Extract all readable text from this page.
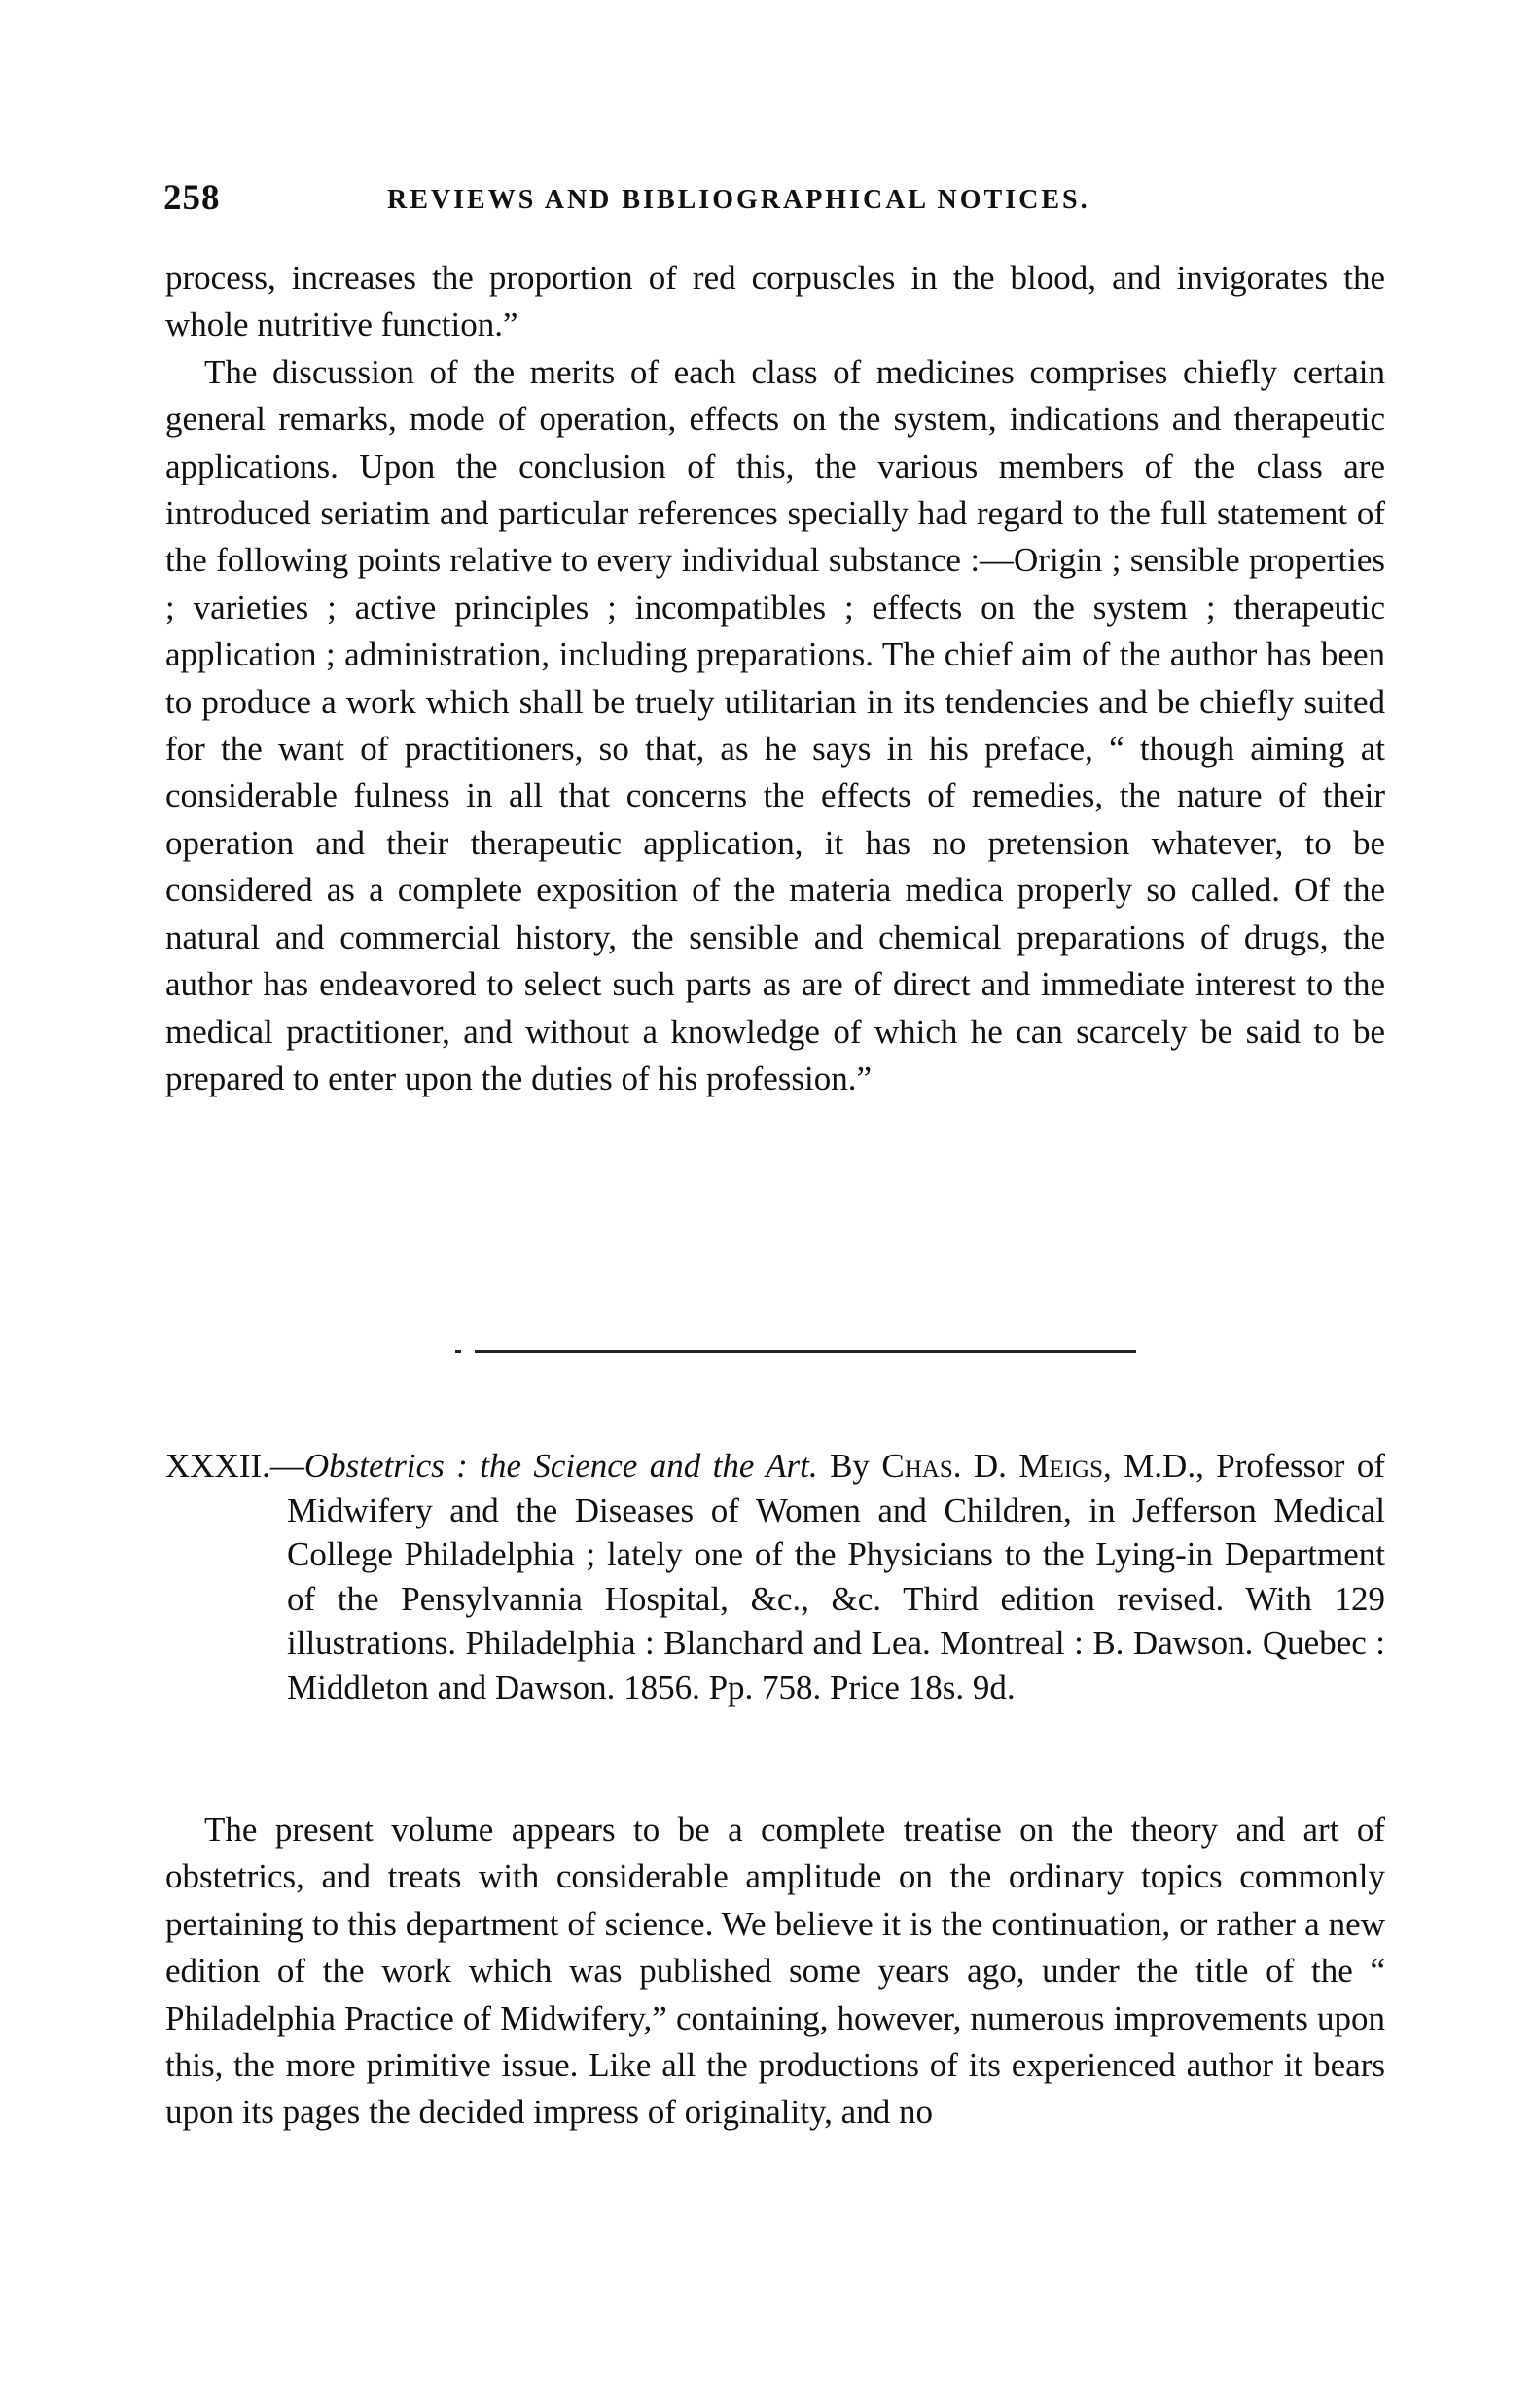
258	REVIEWS AND BIBLIOGRAPHICAL NOTICES.

process, increases the proportion of red corpuscles in the blood, and invigorates the whole nutritive function.”

The discussion of the merits of each class of medicines comprises chiefly certain general remarks, mode of operation, effects on the system, indications and therapeutic applications. Upon the conclusion of this, the various members of the class are introduced seriatim and particular references specially had regard to the full statement of the following points relative to every individual substance :—Origin ; sensible properties ; varieties ; active principles ; incompatibles ; effects on the system ; therapeutic application ; administration, including preparations. The chief aim of the author has been to produce a work which shall be truely utilitarian in its tendencies and be chiefly suited for the want of practitioners, so that, as he says in his preface, “ though aiming at considerable fulness in all that concerns the effects of remedies, the nature of their operation and their therapeutic application, it has no pretension whatever, to be considered as a complete exposition of the materia medica properly so called. Of the natural and commercial history, the sensible and chemical preparations of drugs, the author has endeavored to select such parts as are of direct and immediate interest to the medical practitioner, and without a knowledge of which he can scarcely be said to be prepared to enter upon the duties of his profession.”

XXXII.—Obstetrics : the Science and the Art. By Chas. D. Meigs, M.D., Professor of Midwifery and the Diseases of Women and Children, in Jefferson Medical College Philadelphia ; lately one of the Physicians to the Lying-in Department of the Pensylvannia Hospital, &c., &c. Third edition revised. With 129 illustrations. Philadelphia : Blanchard and Lea. Montreal : B. Dawson. Quebec : Middleton and Dawson. 1856. Pp. 758. Price 18s. 9d.

The present volume appears to be a complete treatise on the theory and art of obstetrics, and treats with considerable amplitude on the ordinary topics commonly pertaining to this department of science. We believe it is the continuation, or rather a new edition of the work which was published some years ago, under the title of the “ Philadelphia Practice of Midwifery,” containing, however, numerous improvements upon this, the more primitive issue. Like all the productions of its experienced author it bears upon its pages the decided impress of originality, and no
